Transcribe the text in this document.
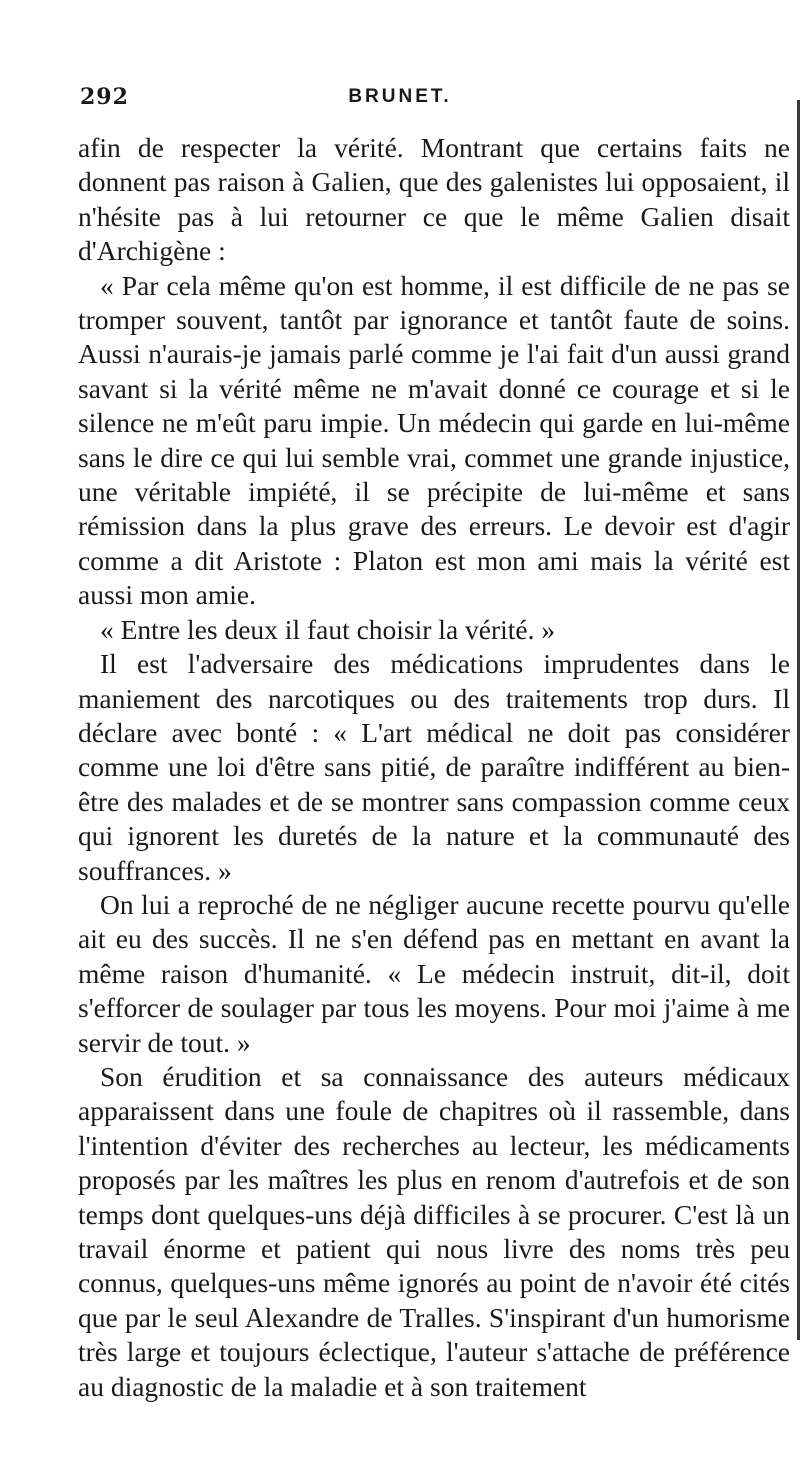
292	BRUNET.

afin de respecter la vérité. Montrant que certains faits ne donnent pas raison à Galien, que des galenistes lui opposaient, il n'hésite pas à lui retourner ce que le même Galien disait d'Archigène :

« Par cela même qu'on est homme, il est difficile de ne pas se tromper souvent, tantôt par ignorance et tantôt faute de soins. Aussi n'aurais-je jamais parlé comme je l'ai fait d'un aussi grand savant si la vérité même ne m'avait donné ce courage et si le silence ne m'eût paru impie. Un médecin qui garde en lui-même sans le dire ce qui lui semble vrai, commet une grande injustice, une véritable impiété, il se précipite de lui-même et sans rémission dans la plus grave des erreurs. Le devoir est d'agir comme a dit Aristote : Platon est mon ami mais la vérité est aussi mon amie.

« Entre les deux il faut choisir la vérité. »

Il est l'adversaire des médications imprudentes dans le maniement des narcotiques ou des traitements trop durs. Il déclare avec bonté : « L'art médical ne doit pas considérer comme une loi d'être sans pitié, de paraître indifférent au bien-être des malades et de se montrer sans compassion comme ceux qui ignorent les duretés de la nature et la communauté des souffrances. »

On lui a reproché de ne négliger aucune recette pourvu qu'elle ait eu des succès. Il ne s'en défend pas en mettant en avant la même raison d'humanité. « Le médecin instruit, dit-il, doit s'efforcer de soulager par tous les moyens. Pour moi j'aime à me servir de tout. »

Son érudition et sa connaissance des auteurs médicaux apparaissent dans une foule de chapitres où il rassemble, dans l'intention d'éviter des recherches au lecteur, les médicaments proposés par les maîtres les plus en renom d'autrefois et de son temps dont quelques-uns déjà difficiles à se procurer. C'est là un travail énorme et patient qui nous livre des noms très peu connus, quelques-uns même ignorés au point de n'avoir été cités que par le seul Alexandre de Tralles. S'inspirant d'un humorisme très large et toujours éclectique, l'auteur s'attache de préférence au diagnostic de la maladie et à son traitement
